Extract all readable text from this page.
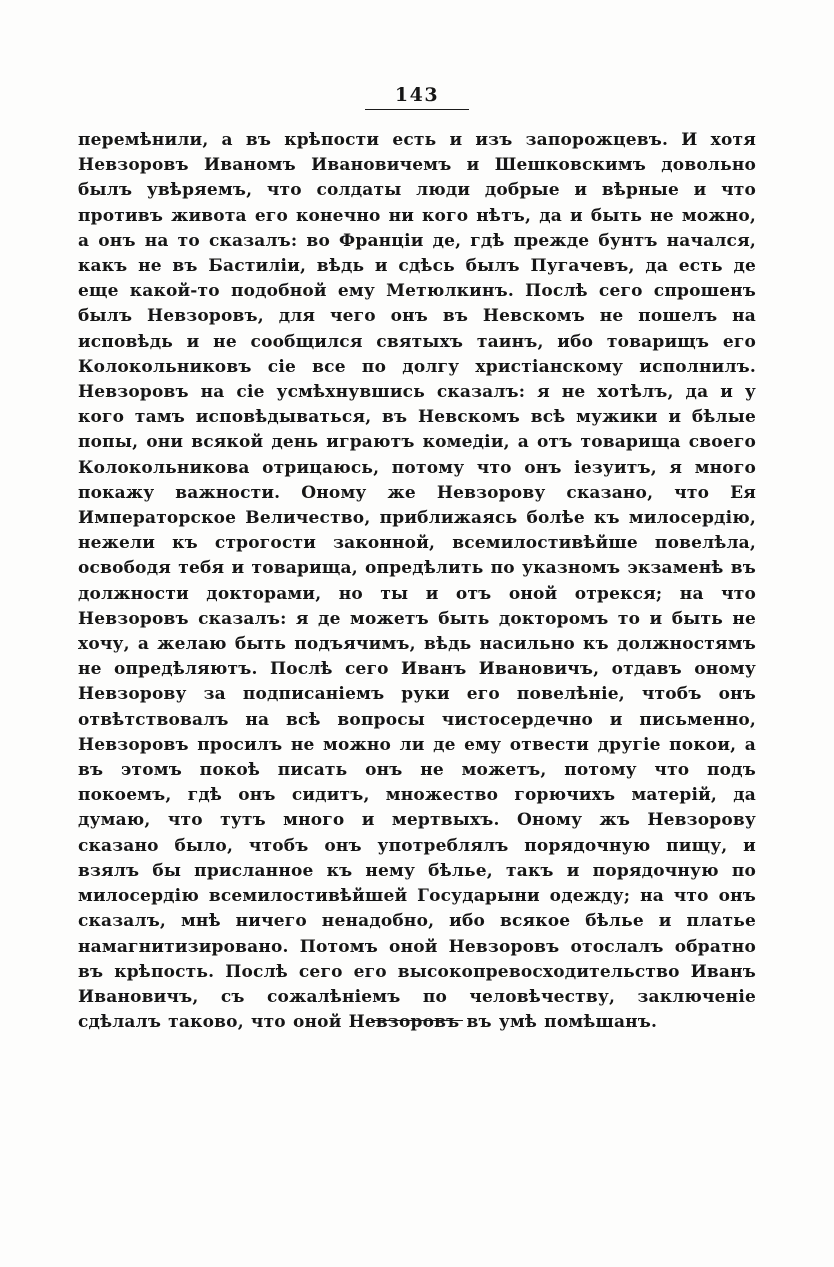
143
перемѣнили, а въ крѣпости есть и изъ запорожцевъ. И хотя Невзоровъ Иваномъ Ивановичемъ и Шешковскимъ довольно былъ увѣряемъ, что солдаты люди добрые и вѣрные и что противъ живота его конечно ни кого нѣтъ, да и быть не можно, а онъ на то сказалъ: во Франціи де, гдѣ прежде бунтъ начался, какъ не въ Бастиліи, вѣдь и сдѣсь былъ Пугачевъ, да есть де еще какой-то подобной ему Метюлкинъ. Послѣ сего спрошенъ былъ Невзоровъ, для чего онъ въ Невскомъ не пошелъ на исповѣдь и не сообщился святыхъ таинъ, ибо товарищъ его Колокольниковъ сіе все по долгу христіанскому исполнилъ. Невзоровъ на сіе усмѣхнувшись сказалъ: я не хотѣлъ, да и у кого тамъ исповѣдываться, въ Невскомъ всѣ мужики и бѣлые попы, они всякой день играютъ комедіи, а отъ товарища своего Колокольникова отрицаюсь, потому что онъ іезуитъ, я много покажу важности. Оному же Невзорову сказано, что Ея Императорское Величество, приближаясь болѣе къ милосердію, нежели къ строгости законной, всемилостивѣйше повелѣла, освободя тебя и товарища, опредѣлить по указномъ экзаменѣ въ должности докторами, но ты и отъ оной отрекся; на что Невзоровъ сказалъ: я де можетъ быть докторомъ то и быть не хочу, а желаю быть подъячимъ, вѣдь насильно къ должностямъ не опредѣляютъ. Послѣ сего Иванъ Ивановичъ, отдавъ оному Невзорову за подписаніемъ руки его повелѣніе, чтобъ онъ отвѣтствовалъ на всѣ вопросы чистосердечно и письменно, Невзоровъ просилъ не можно ли де ему отвести другіе покои, а въ этомъ покоѣ писать онъ не можетъ, потому что подъ покоемъ, гдѣ онъ сидитъ, множество горючихъ матерій, да думаю, что тутъ много и мертвыхъ. Оному жъ Невзорову сказано было, чтобъ онъ употреблялъ порядочную пищу, и взялъ бы присланное къ нему бѣлье, такъ и порядочную по милосердію всемилостивѣйшей Государыни одежду; на что онъ сказалъ, мнѣ ничего ненадобно, ибо всякое бѣлье и платье намагнитизировано. Потомъ оной Невзоровъ отослалъ обратно въ крѣпость. Послѣ сего его высокопревосходительство Иванъ Ивановичъ, съ сожалѣніемъ по человѣчеству, заключеніе сдѣлалъ таково, что оной Невзоровъ въ умѣ помѣшанъ.
